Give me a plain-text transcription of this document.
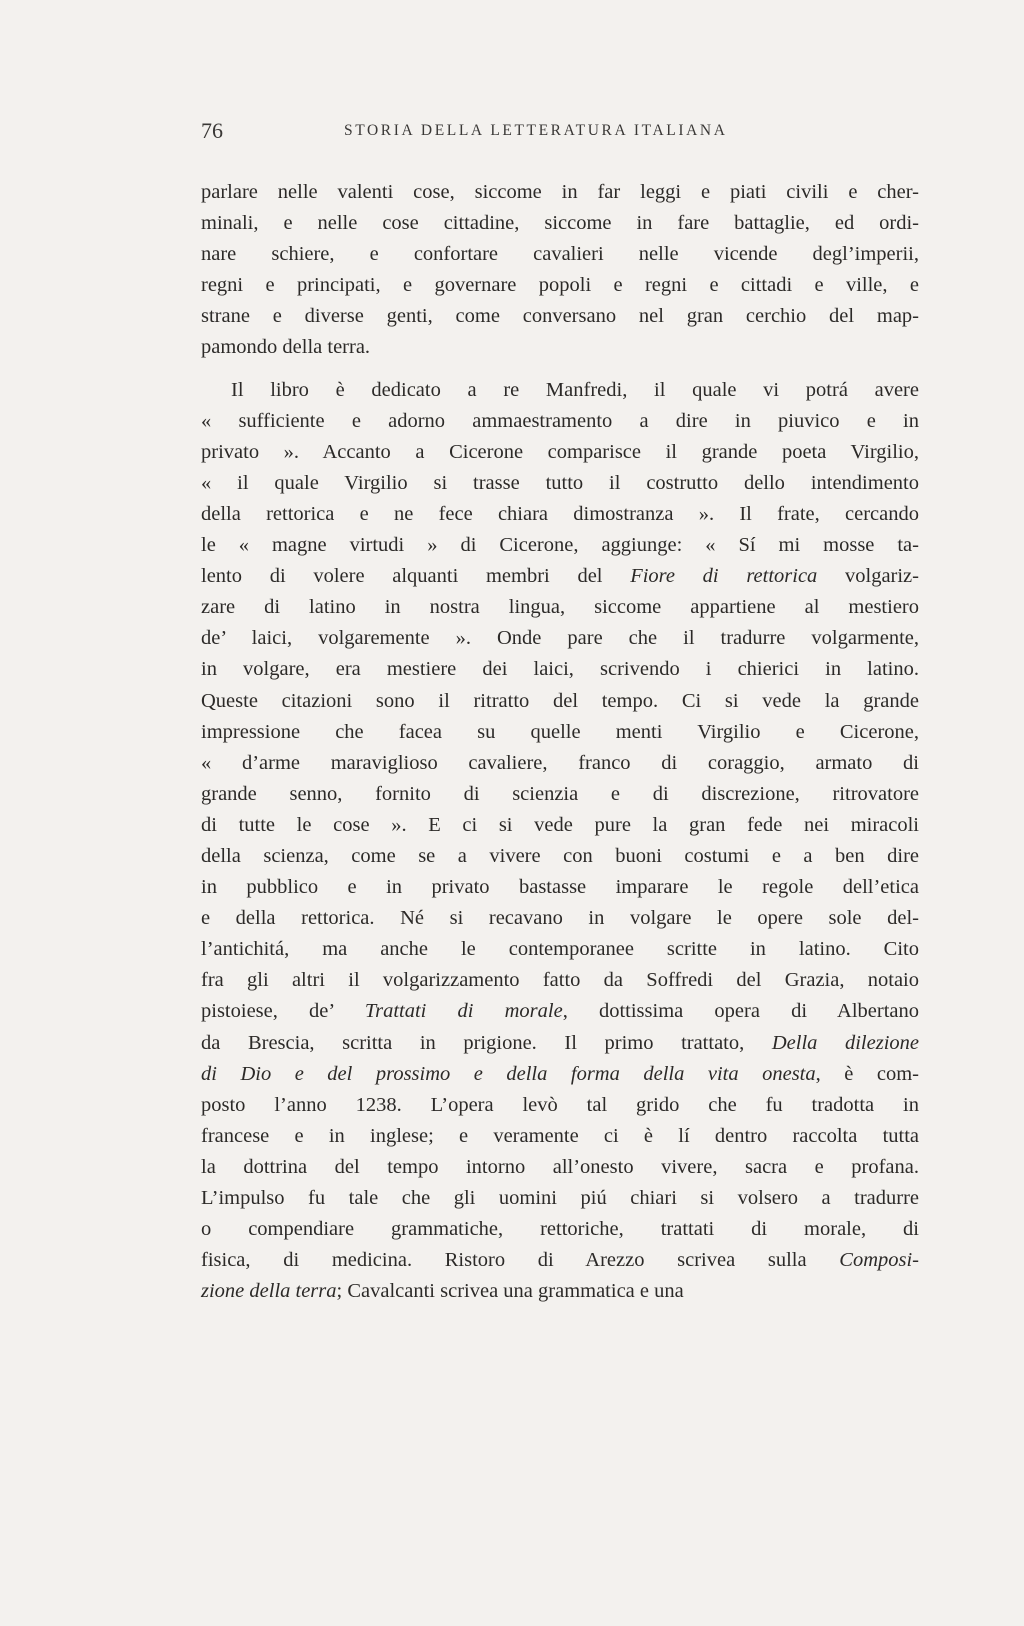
76	STORIA DELLA LETTERATURA ITALIANA
parlare nelle valenti cose, siccome in far leggi e piati civili e cher-
minali, e nelle cose cittadine, siccome in fare battaglie, ed ordi-
nare schiere, e confortare cavalieri nelle vicende degl’imperii,
regni e principati, e governare popoli e regni e cittadi e ville, e
strane e diverse genti, come conversano nel gran cerchio del map-
pamondo della terra.
Il libro è dedicato a re Manfredi, il quale vi potrá avere
« sufficiente e adorno ammaestramento a dire in piuvico e in
privato ». Accanto a Cicerone comparisce il grande poeta Virgilio,
« il quale Virgilio si trasse tutto il costrutto dello intendimento
della rettorica e ne fece chiara dimostranza ». Il frate, cercando
le « magne virtudi » di Cicerone, aggiunge: « Sí mi mosse ta-
lento di volere alquanti membri del Fiore di rettorica volgariz-
zare di latino in nostra lingua, siccome appartiene al mestiero
de’ laici, volgaremente ». Onde pare che il tradurre volgarmente,
in volgare, era mestiere dei laici, scrivendo i chierici in latino.
Queste citazioni sono il ritratto del tempo. Ci si vede la grande
impressione che facea su quelle menti Virgilio e Cicerone,
« d’arme maraviglioso cavaliere, franco di coraggio, armato di
grande senno, fornito di scienzia e di discrezione, ritrovatore
di tutte le cose ». E ci si vede pure la gran fede nei miracoli
della scienza, come se a vivere con buoni costumi e a ben dire
in pubblico e in privato bastasse imparare le regole dell’etica
e della rettorica. Né si recavano in volgare le opere sole del-
l’antichitá, ma anche le contemporanee scritte in latino. Cito
fra gli altri il volgarizzamento fatto da Soffredi del Grazia, notaio
pistoiese, de’ Trattati di morale, dottissima opera di Albertano
da Brescia, scritta in prigione. Il primo trattato, Della dilezione
di Dio e del prossimo e della forma della vita onesta, è com-
posto l’anno 1238. L’opera levò tal grido che fu tradotta in
francese e in inglese; e veramente ci è lí dentro raccolta tutta
la dottrina del tempo intorno all’onesto vivere, sacra e profana.
L’impulso fu tale che gli uomini piú chiari si volsero a tradurre
o compendiare grammatiche, rettoriche, trattati di morale, di
fisica, di medicina. Ristoro di Arezzo scrivea sulla Composi-
zione della terra; Cavalcanti scrivea una grammatica e una
